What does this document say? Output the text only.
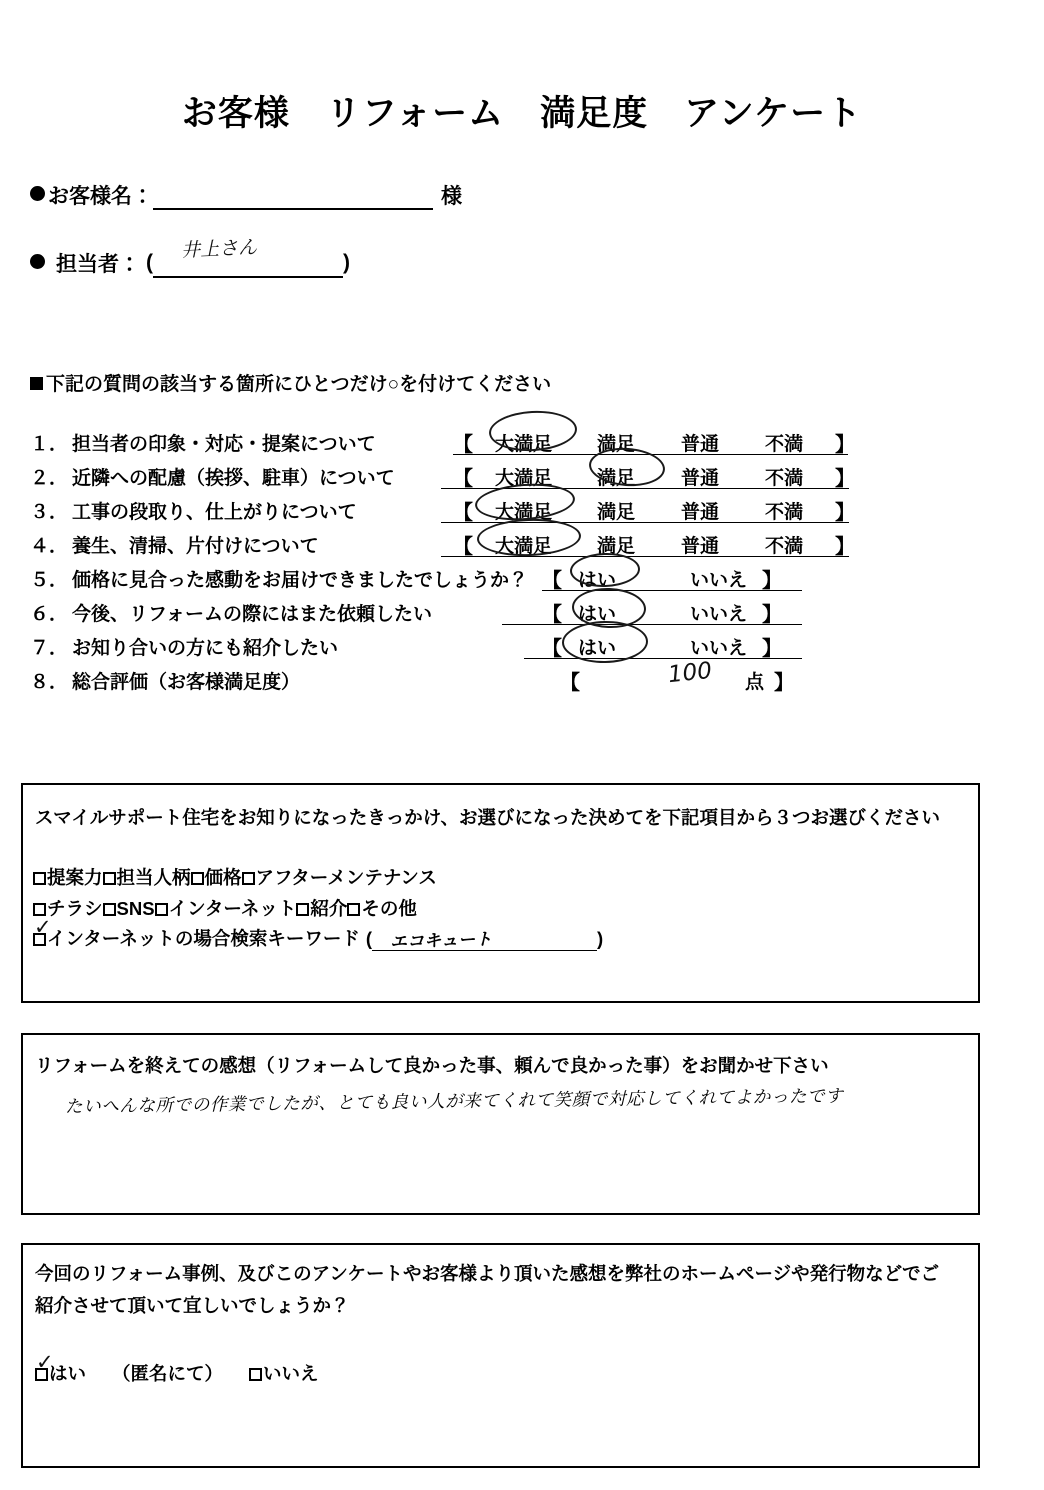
お客様　リフォーム　満足度　アンケート
お客様名：	様
担当者： (
井上さん
)
下記の質問の該当する箇所にひとつだけ○を付けてください
１． 担当者の印象・対応・提案について	【 大満足 満足 普通 不満 】
２． 近隣への配慮（挨拶、駐車）について	【 大満足 満足 普通 不満 】
３． 工事の段取り、仕上がりについて	【 大満足 満足 普通 不満 】
４． 養生、清掃、片付けについて	【 大満足 満足 普通 不満 】
５． 価格に見合った感動をお届けできましたでしょうか？ 【 はい	いいえ 】
６． 今後、リフォームの際にはまた依頼したい	【 はい	いいえ 】
７． お知り合いの方にも紹介したい	【 はい	いいえ 】
８． 総合評価（お客様満足度）	【	100 点 】
スマイルサポート住宅をお知りになったきっかけ、お選びになった決めてを下記項目から３つお選びください
提案力 担当人柄 価格 アフターメンテナンス
チラシ SNS インターネット 紹介 その他
✓
インターネットの場合検索キーワード ( エコキュート	)
リフォームを終えての感想（リフォームして良かった事、頼んで良かった事）をお聞かせ下さい
たいへんな所での作業でしたが、とても良い人が来てくれて笑顔で対応してくれてよかったです
今回のリフォーム事例、及びこのアンケートやお客様より頂いた感想を弊社のホームページや発行物などでご
紹介させて頂いて宜しいでしょうか？
✓
はい （匿名にて） いいえ
